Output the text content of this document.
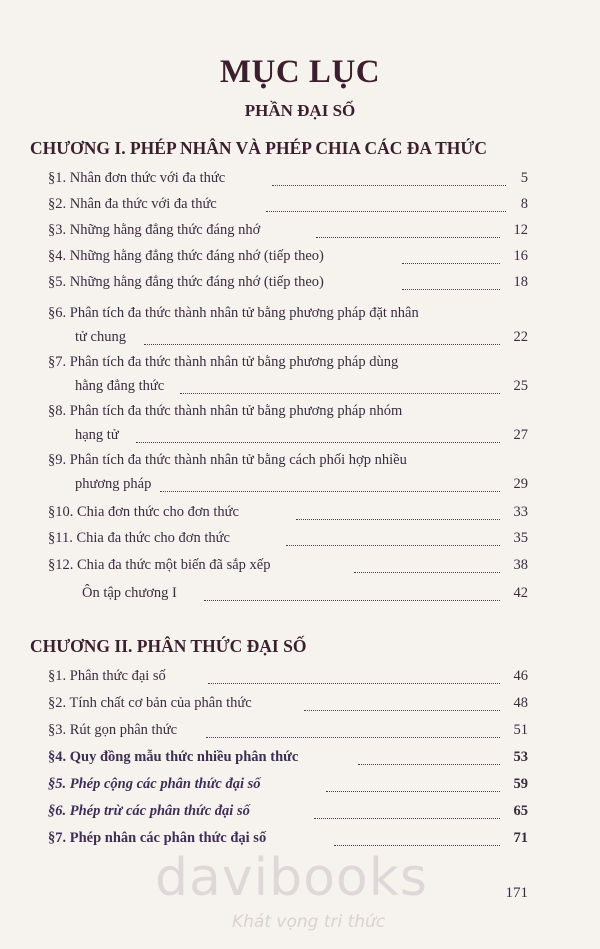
MỤC LỤC
PHẦN ĐẠI SỐ
CHƯƠNG I. PHÉP NHÂN VÀ PHÉP CHIA CÁC ĐA THỨC
§1. Nhân đơn thức với đa thức	5
§2. Nhân đa thức với đa thức	8
§3. Những hằng đẳng thức đáng nhớ	12
§4. Những hằng đẳng thức đáng nhớ (tiếp theo)	16
§5. Những hằng đẳng thức đáng nhớ (tiếp theo)	18
§6. Phân tích đa thức thành nhân tử bằng phương pháp đặt nhân
tử chung	22
§7. Phân tích đa thức thành nhân tử bằng phương pháp dùng
hằng đẳng thức	25
§8. Phân tích đa thức thành nhân tử bằng phương pháp nhóm
hạng tử	27
§9. Phân tích đa thức thành nhân tử bằng cách phối hợp nhiều
phương pháp	29
§10. Chia đơn thức cho đơn thức	33
§11. Chia đa thức cho đơn thức	35
§12. Chia đa thức một biến đã sắp xếp	38
Ôn tập chương I	42
CHƯƠNG II. PHÂN THỨC ĐẠI SỐ
§1. Phân thức đại số	46
§2. Tính chất cơ bản của phân thức	48
§3. Rút gọn phân thức	51
§4. Quy đồng mẫu thức nhiều phân thức	53
§5. Phép cộng các phân thức đại số	59
§6. Phép trừ các phân thức đại số	65
§7. Phép nhân các phân thức đại số	71
davibooks
Khát vọng tri thức
171
